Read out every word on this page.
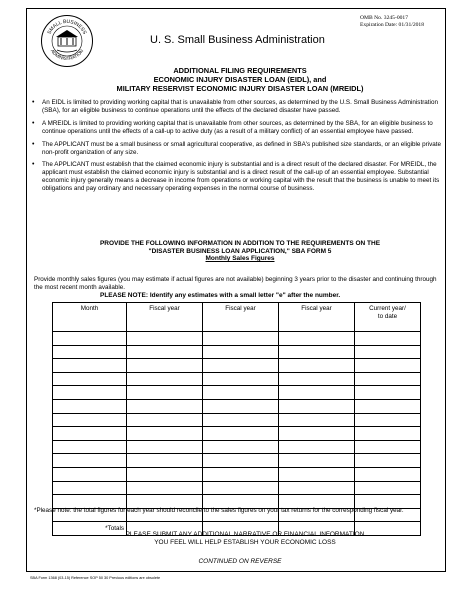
SMALL BUSINESS
ADMINISTRATION
OMB No. 3245-0017
Expiration Date: 01/31/2018
U. S. Small Business Administration
ADDITIONAL FILING REQUIREMENTS
ECONOMIC INJURY DISASTER LOAN (EIDL), and
MILITARY RESERVIST ECONOMIC INJURY DISASTER LOAN (MREIDL)
• An EIDL is limited to providing working capital that is unavailable from other sources, as determined by the U.S. Small Business Administration (SBA), for an eligible business to continue operations until the effects of the declared disaster have passed.
• A MREIDL is limited to providing working capital that is unavailable from other sources, as determined by the SBA, for an eligible business to continue operations until the effects of a call-up to active duty (as a result of a military conflict) of an essential employee have passed.
• The APPLICANT must be a small business or small agricultural cooperative, as defined in SBA's published size standards, or an eligible private non-profit organization of any size.
• The APPLICANT must establish that the claimed economic injury is substantial and is a direct result of the declared disaster. For MREIDL, the applicant must establish the claimed economic injury is substantial and is a direct result of the call-up of an essential employee. Substantial economic injury generally means a decrease in income from operations or working capital with the result that the business is unable to meet its obligations and pay ordinary and necessary operating expenses in the normal course of business.
PROVIDE THE FOLLOWING INFORMATION IN ADDITION TO THE REQUIREMENTS ON THE
"DISASTER BUSINESS LOAN APPLICATION," SBA FORM 5
Monthly Sales Figures
Provide monthly sales figures (you may estimate if actual figures are not available) beginning 3 years prior to the disaster and continuing through the most recent month available.
PLEASE NOTE: Identify any estimates with a small letter "e" after the number.
Month	Fiscal year	Fiscal year	Fiscal year	Current year/
to date

*Totals				
*Please note: the total figures for each year should reconcile to the sales figures on your tax returns for the corresponding fiscal year.
PLEASE SUBMIT ANY ADDITIONAL NARRATIVE OR FINANCIAL INFORMATION
YOU FEEL WILL HELP ESTABLISH YOUR ECONOMIC LOSS
CONTINUED ON REVERSE
SBA Form 1368 (03-15) Reference SOP 50 30 Previous editions are obsolete
